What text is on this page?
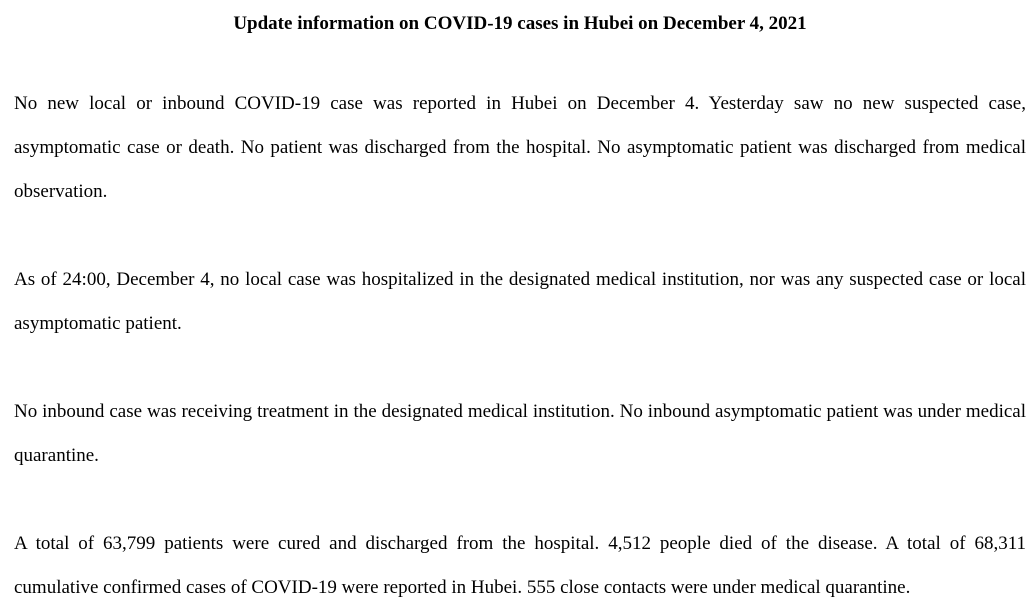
Update information on COVID-19 cases in Hubei on December 4, 2021

No new local or inbound COVID-19 case was reported in Hubei on December 4. Yesterday saw no new suspected case, asymptomatic case or death. No patient was discharged from the hospital. No asymptomatic patient was discharged from medical observation.

As of 24:00, December 4, no local case was hospitalized in the designated medical institution, nor was any suspected case or local asymptomatic patient.

No inbound case was receiving treatment in the designated medical institution. No inbound asymptomatic patient was under medical quarantine.

A total of 63,799 patients were cured and discharged from the hospital. 4,512 people died of the disease. A total of 68,311 cumulative confirmed cases of COVID-19 were reported in Hubei. 555 close contacts were under medical quarantine.
